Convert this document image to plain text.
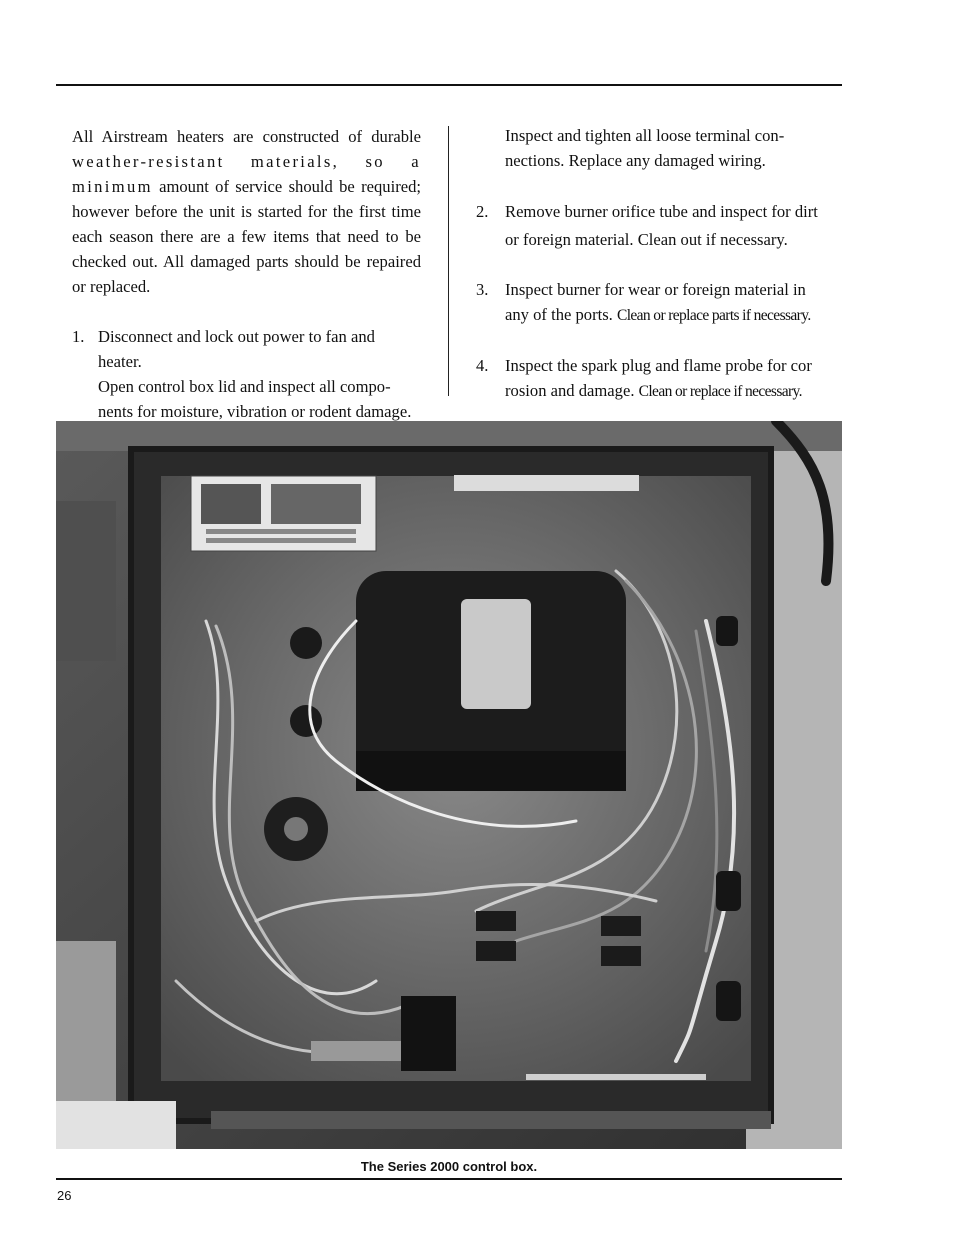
All Airstream heaters are constructed of durable weather-resistant materials, so a minimum amount of service should be required; however before the unit is started for the first time each season there are a few items that need to be checked out. All damaged parts should be repaired or replaced.

1. Disconnect and lock out power to fan and heater.
Open control box lid and inspect all compo-
nents for moisture, vibration or rodent damage.
Inspect and tighten all loose terminal con-
nections. Replace any damaged wiring.
2. Remove burner orifice tube and inspect for dirt
or foreign material. Clean out if necessary.
3. Inspect burner for wear or foreign material in
any of the ports. Clean or replace parts if necessary.
4. Inspect the spark plug and flame probe for cor
rosion and damage. Clean or replace if necessary.
The Series 2000 control box.
26
